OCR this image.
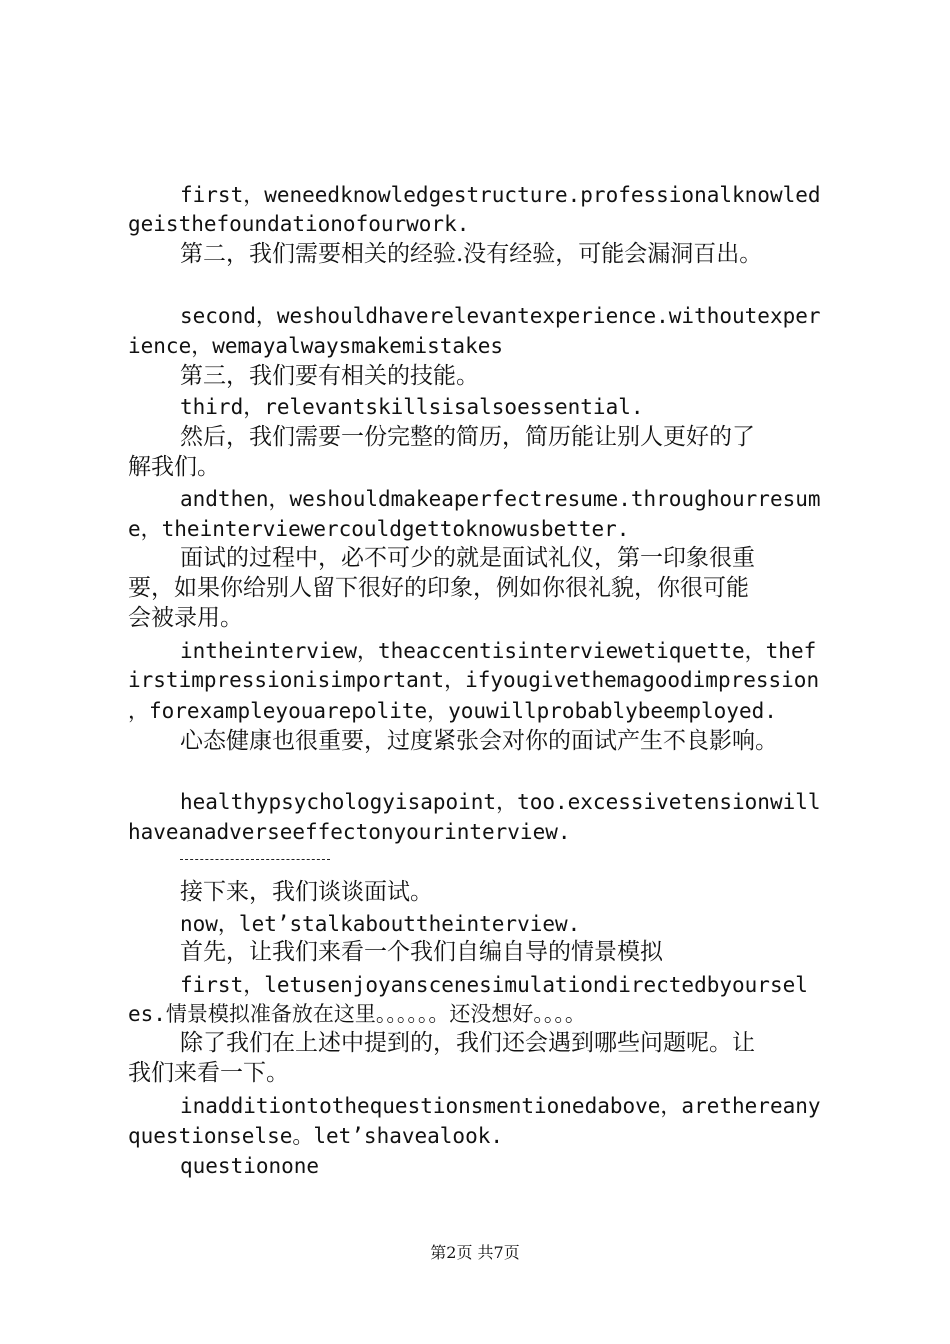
first，weneedknowledgestructure.professionalknowled
geisthefoundationofourwork.
第二，我们需要相关的经验.没有经验，可能会漏洞百出。
second，weshouldhaverelevantexperience.withoutexper
ience，wemayalwaysmakemistakes
第三，我们要有相关的技能。
third，relevantskillsisalsoessential.
然后，我们需要一份完整的简历，简历能让别人更好的了
解我们。
andthen，weshouldmakeaperfectresume.throughourresum
e，theinterviewercouldgettoknowusbetter.
面试的过程中，必不可少的就是面试礼仪，第一印象很重
要，如果你给别人留下很好的印象，例如你很礼貌，你很可能
会被录用。
intheinterview，theaccentisinterviewetiquette，thef
irstimpressionisimportant，ifyougivethemagoodimpression
，forexampleyouarepolite，youwillprobablybeemployed.
心态健康也很重要，过度紧张会对你的面试产生不良影响。
healthypsychologyisapoint，too.excessivetensionwill
haveanadverseeffectonyourinterview.
接下来，我们谈谈面试。
now，let’stalkabouttheinterview.
首先，让我们来看一个我们自编自导的情景模拟
first，letusenjoyanscenesimulationdirectedbyoursel
es.情景模拟准备放在这里。。。。。。还没想好。。。。
除了我们在上述中提到的，我们还会遇到哪些问题呢。让
我们来看一下。
inadditiontothequestionsmentionedabove，arethereany
questionselse。let’shavealook.
questionone
第2页 共7页
